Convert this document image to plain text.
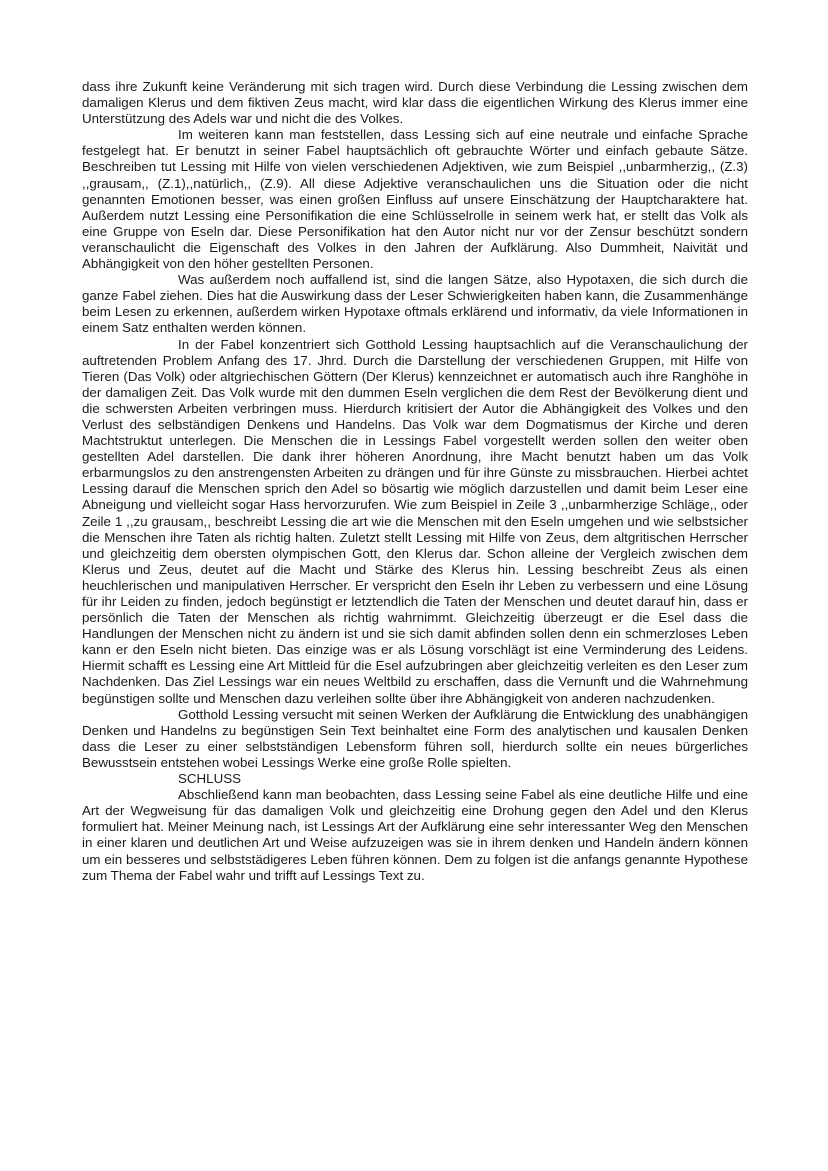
dass ihre Zukunft keine Veränderung mit sich tragen wird. Durch diese Verbindung die Lessing zwischen dem damaligen Klerus und dem fiktiven Zeus macht, wird klar dass die eigentlichen Wirkung des Klerus immer eine Unterstützung des Adels war und nicht die des Volkes.

Im weiteren kann man feststellen, dass Lessing sich auf eine neutrale und einfache Sprache festgelegt hat. Er benutzt in seiner Fabel hauptsächlich oft gebrauchte Wörter und einfach gebaute Sätze. Beschreiben tut Lessing mit Hilfe von vielen verschiedenen Adjektiven, wie zum Beispiel ,,unbarmherzig,, (Z.3) ,,grausam,, (Z.1),,natürlich,, (Z.9). All diese Adjektive veranschaulichen uns die Situation oder die nicht genannten Emotionen besser, was einen großen Einfluss auf unsere Einschätzung der Hauptcharaktere hat. Außerdem nutzt Lessing eine Personifikation die eine Schlüsselrolle in seinem werk hat, er stellt das Volk als eine Gruppe von Eseln dar. Diese Personifikation hat den Autor nicht nur vor der Zensur beschützt sondern veranschaulicht die Eigenschaft des Volkes in den Jahren der Aufklärung. Also Dummheit, Naivität und Abhängigkeit von den höher gestellten Personen.

Was außerdem noch auffallend ist, sind die langen Sätze, also Hypotaxen, die sich durch die ganze Fabel ziehen. Dies hat die Auswirkung dass der Leser Schwierigkeiten haben kann, die Zusammenhänge beim Lesen zu erkennen, außerdem wirken Hypotaxe oftmals erklärend und informativ, da viele Informationen in einem Satz enthalten werden können.

In der Fabel konzentriert sich Gotthold Lessing hauptsachlich auf die Veranschaulichung der auftretenden Problem Anfang des 17. Jhrd. Durch die Darstellung der verschiedenen Gruppen, mit Hilfe von Tieren (Das Volk) oder altgriechischen Göttern (Der Klerus) kennzeichnet er automatisch auch ihre Ranghöhe in der damaligen Zeit. Das Volk wurde mit den dummen Eseln verglichen die dem Rest der Bevölkerung dient und die schwersten Arbeiten verbringen muss. Hierdurch kritisiert der Autor die Abhängigkeit des Volkes und den Verlust des selbständigen Denkens und Handelns. Das Volk war dem Dogmatismus der Kirche und deren Machtstruktut unterlegen. Die Menschen die in Lessings Fabel vorgestellt werden sollen den weiter oben gestellten Adel darstellen. Die dank ihrer höheren Anordnung, ihre Macht benutzt haben um das Volk erbarmungslos zu den anstrengensten Arbeiten zu drängen und für ihre Günste zu missbrauchen. Hierbei achtet Lessing darauf die Menschen sprich den Adel so bösartig wie möglich darzustellen und damit beim Leser eine Abneigung und vielleicht sogar Hass hervorzurufen. Wie zum Beispiel in Zeile 3 ,,unbarmherzige Schläge,, oder Zeile 1 ,,zu grausam,, beschreibt Lessing die art wie die Menschen mit den Eseln umgehen und wie selbstsicher die Menschen ihre Taten als richtig halten. Zuletzt stellt Lessing mit Hilfe von Zeus, dem altgritischen Herrscher und gleichzeitig dem obersten olympischen Gott, den Klerus dar. Schon alleine der Vergleich zwischen dem Klerus und Zeus, deutet auf die Macht und Stärke des Klerus hin. Lessing beschreibt Zeus als einen heuchlerischen und manipulativen Herrscher. Er verspricht den Eseln ihr Leben zu verbessern und eine Lösung für ihr Leiden zu finden, jedoch begünstigt er letztendlich die Taten der Menschen und deutet darauf hin, dass er persönlich die Taten der Menschen als richtig wahrnimmt. Gleichzeitig überzeugt er die Esel dass die Handlungen der Menschen nicht zu ändern ist und sie sich damit abfinden sollen denn ein schmerzloses Leben kann er den Eseln nicht bieten. Das einzige was er als Lösung vorschlägt ist eine Verminderung des Leidens. Hiermit schafft es Lessing eine Art Mittleid für die Esel aufzubringen aber gleichzeitig verleiten es den Leser zum Nachdenken. Das Ziel Lessings war ein neues Weltbild zu erschaffen, dass die Vernunft und die Wahrnehmung begünstigen sollte und Menschen dazu verleihen sollte über ihre Abhängigkeit von anderen nachzudenken.

Gotthold Lessing versucht mit seinen Werken der Aufklärung die Entwicklung des unabhängigen Denken und Handelns zu begünstigen Sein Text beinhaltet eine Form des analytischen und kausalen Denken dass die Leser zu einer selbstständigen Lebensform führen soll, hierdurch sollte ein neues bürgerliches Bewusstsein entstehen wobei Lessings Werke eine große Rolle spielten.

SCHLUSS

Abschließend kann man beobachten, dass Lessing seine Fabel als eine deutliche Hilfe und eine Art der Wegweisung für das damaligen Volk und gleichzeitig eine Drohung gegen den Adel und den Klerus formuliert hat. Meiner Meinung nach, ist Lessings Art der Aufklärung eine sehr interessanter Weg den Menschen in einer klaren und deutlichen Art und Weise aufzuzeigen was sie in ihrem denken und Handeln ändern können um ein besseres und selbststädigeres Leben führen können. Dem zu folgen ist die anfangs genannte Hypothese zum Thema der Fabel wahr und trifft auf Lessings Text zu.
